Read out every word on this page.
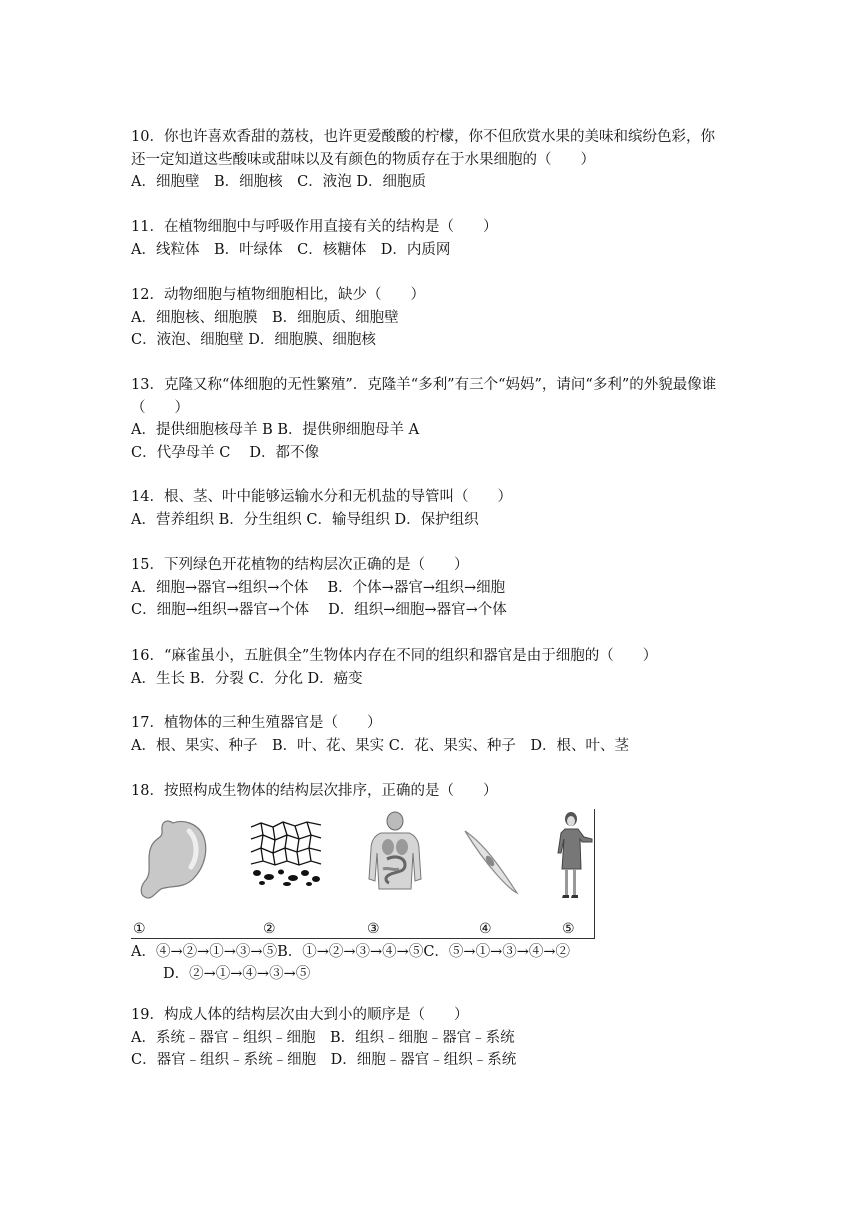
10．你也许喜欢香甜的荔枝，也许更爱酸酸的柠檬，你不但欣赏水果的美味和缤纷色彩，你
还一定知道这些酸味或甜味以及有颜色的物质存在于水果细胞的（　　）
A．细胞壁　B．细胞核　C．液泡 D．细胞质
11．在植物细胞中与呼吸作用直接有关的结构是（　　）
A．线粒体　B．叶绿体　C．核糖体　D．内质网
12．动物细胞与植物细胞相比，缺少（　　）
A．细胞核、细胞膜　B．细胞质、细胞壁
C．液泡、细胞壁 D．细胞膜、细胞核
13．克隆又称“体细胞的无性繁殖”．克隆羊“多利”有三个“妈妈”，请问“多利”的外貌最像谁
（　　）
A．提供细胞核母羊 B B．提供卵细胞母羊 A
C．代孕母羊 C　 D．都不像
14．根、茎、叶中能够运输水分和无机盐的导管叫（　　）
A．营养组织 B．分生组织 C．输导组织 D．保护组织
15．下列绿色开花植物的结构层次正确的是（　　）
A．细胞→器官→组织→个体　 B．个体→器官→组织→细胞
C．细胞→组织→器官→个体　 D．组织→细胞→器官→个体
16．“麻雀虽小，五脏俱全”生物体内存在不同的组织和器官是由于细胞的（　　）
A．生长 B．分裂 C．分化 D．癌变
17．植物体的三种生殖器官是（　　）
A．根、果实、种子　B．叶、花、果实 C．花、果实、种子　D．根、叶、茎
18．按照构成生物体的结构层次排序，正确的是（　　）
①	②	③	④	⑤
A．④→②→①→③→⑤B．①→②→③→④→⑤C．⑤→①→③→④→②
D．②→①→④→③→⑤
19．构成人体的结构层次由大到小的顺序是（　　）
A．系统﹣器官﹣组织﹣细胞　B．组织﹣细胞﹣器官﹣系统
C．器官﹣组织﹣系统﹣细胞　D．细胞﹣器官﹣组织﹣系统
